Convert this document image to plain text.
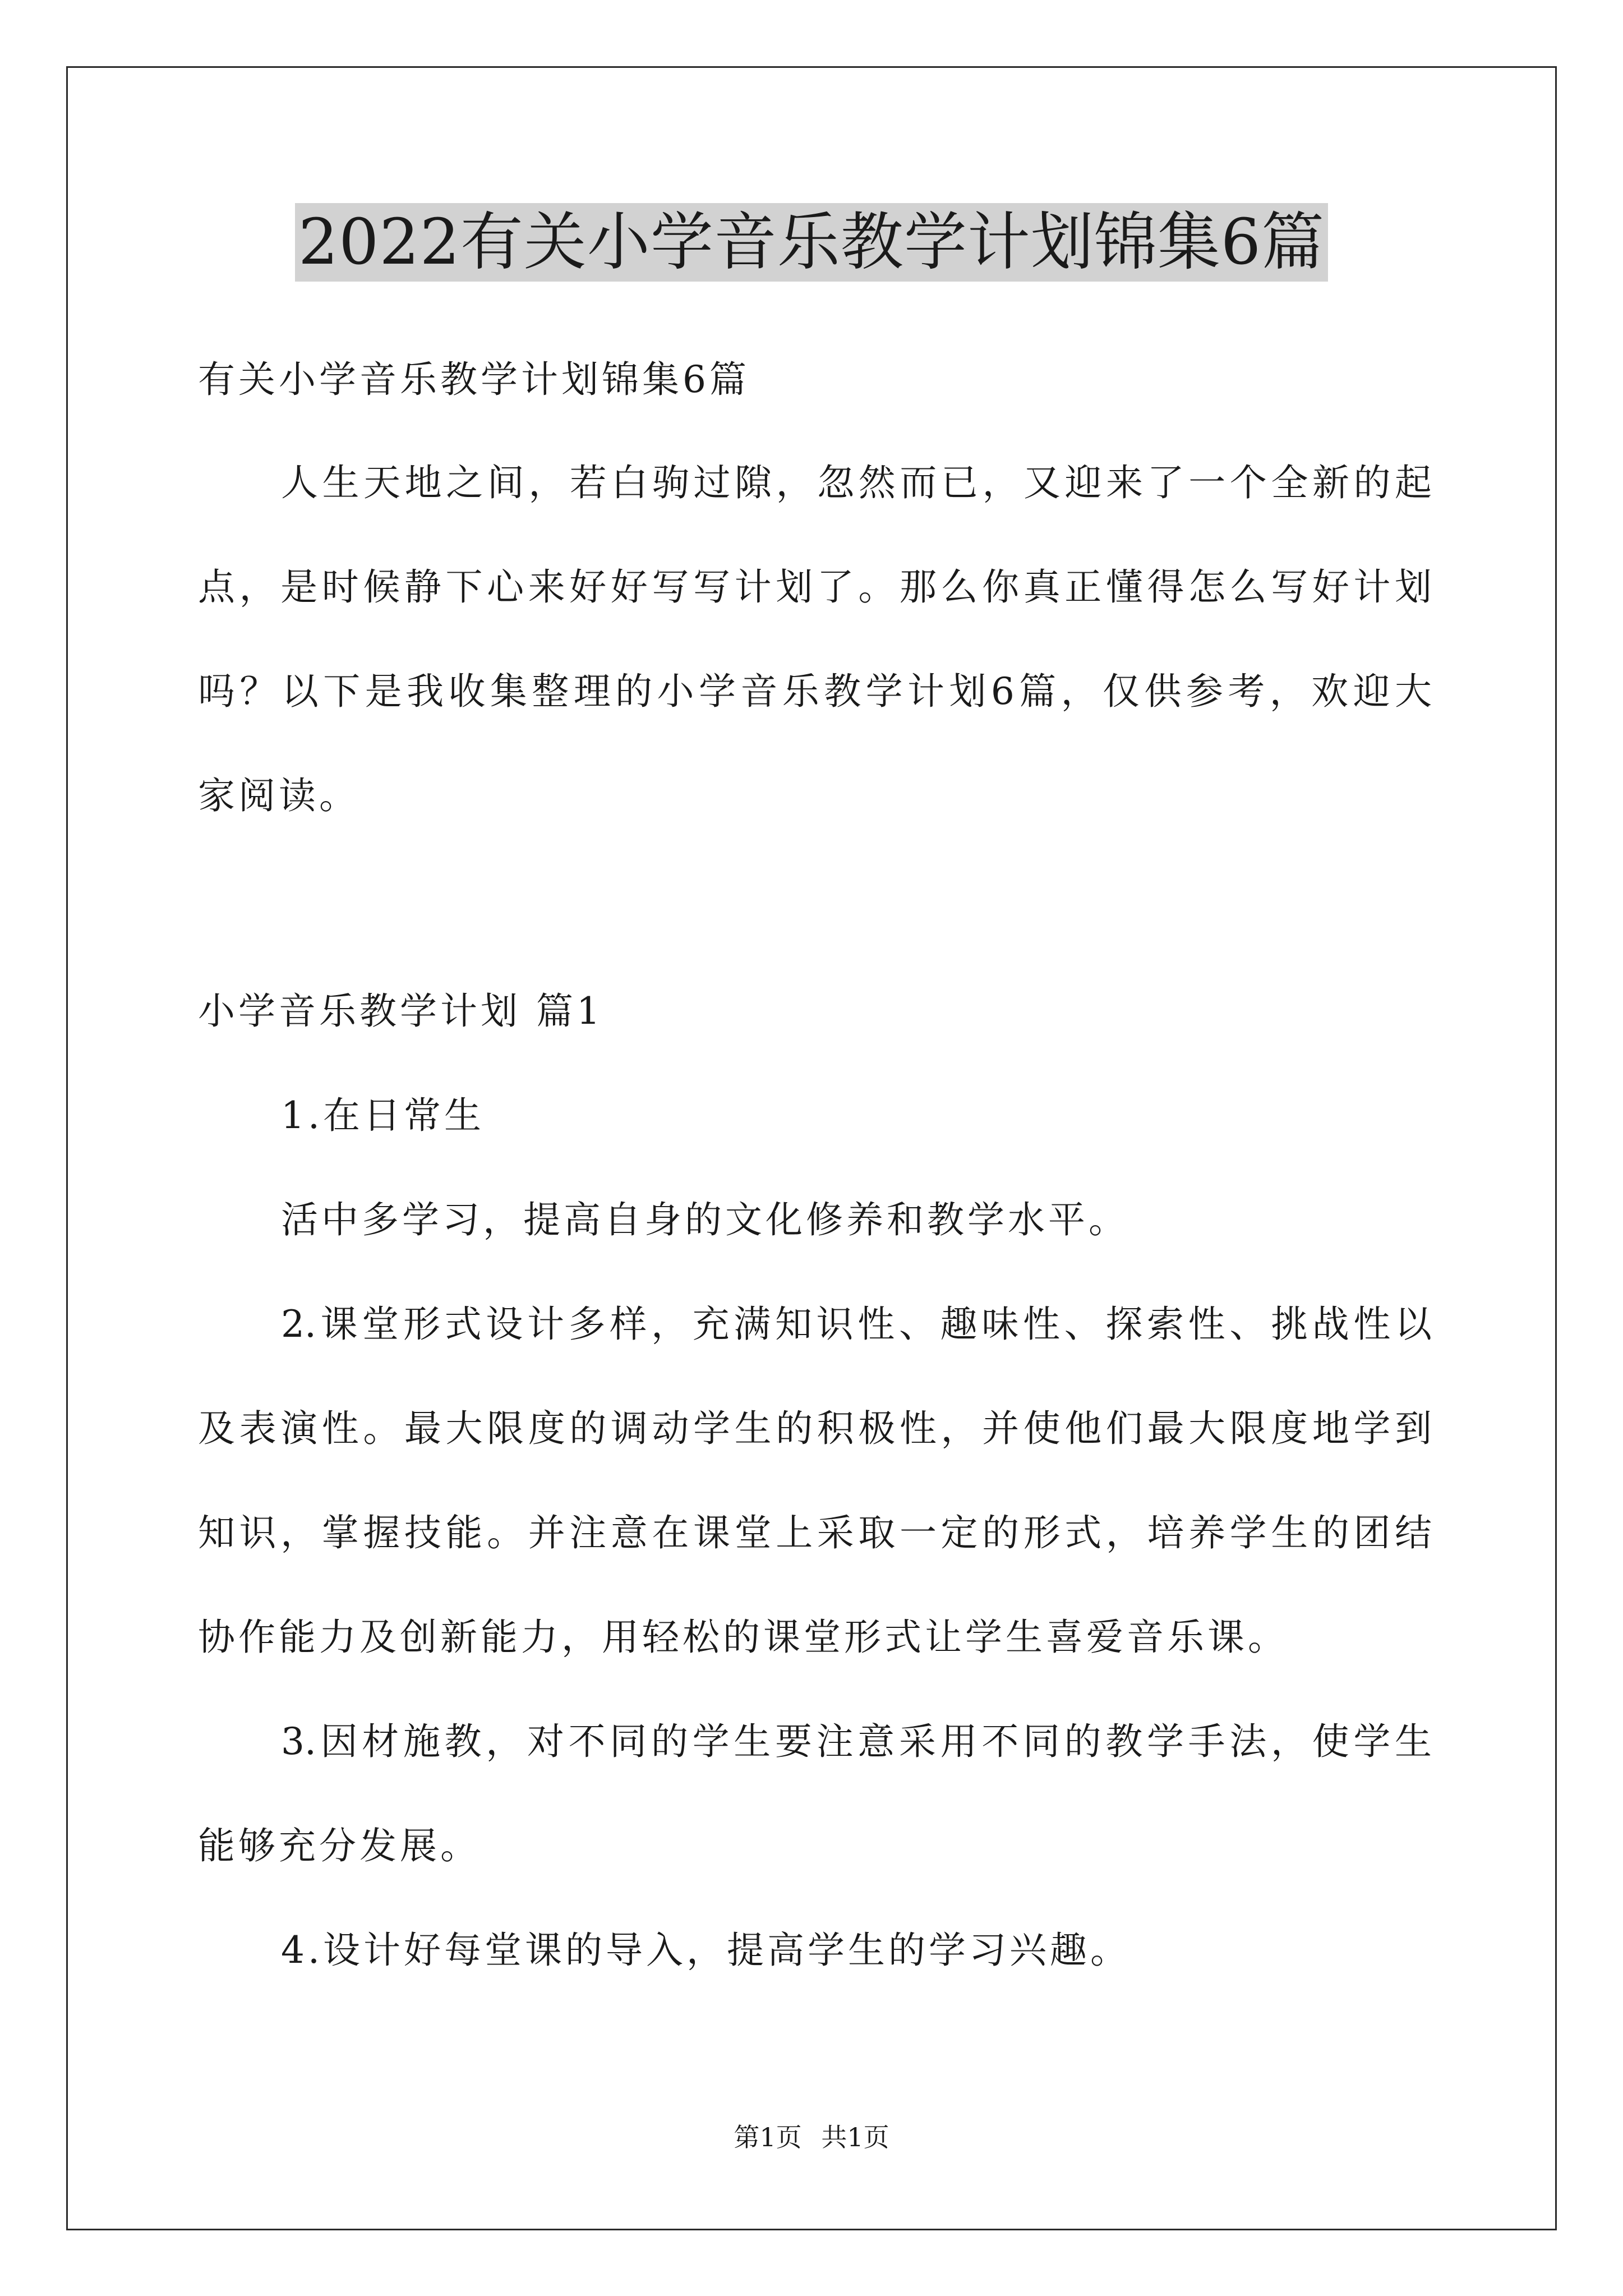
2022有关小学音乐教学计划锦集6篇
有关小学音乐教学计划锦集6篇
人生天地之间，若白驹过隙，忽然而已，又迎来了一个全新的起
点，是时候静下心来好好写写计划了。那么你真正懂得怎么写好计划
吗？以下是我收集整理的小学音乐教学计划6篇，仅供参考，欢迎大
家阅读。
小学音乐教学计划 篇1
1.在日常生
活中多学习，提高自身的文化修养和教学水平。
2.课堂形式设计多样，充满知识性、趣味性、探索性、挑战性以
及表演性。最大限度的调动学生的积极性，并使他们最大限度地学到
知识，掌握技能。并注意在课堂上采取一定的形式，培养学生的团结
协作能力及创新能力，用轻松的课堂形式让学生喜爱音乐课。
3.因材施教，对不同的学生要注意采用不同的教学手法，使学生
能够充分发展。
4.设计好每堂课的导入，提高学生的学习兴趣。
第1页 共1页
